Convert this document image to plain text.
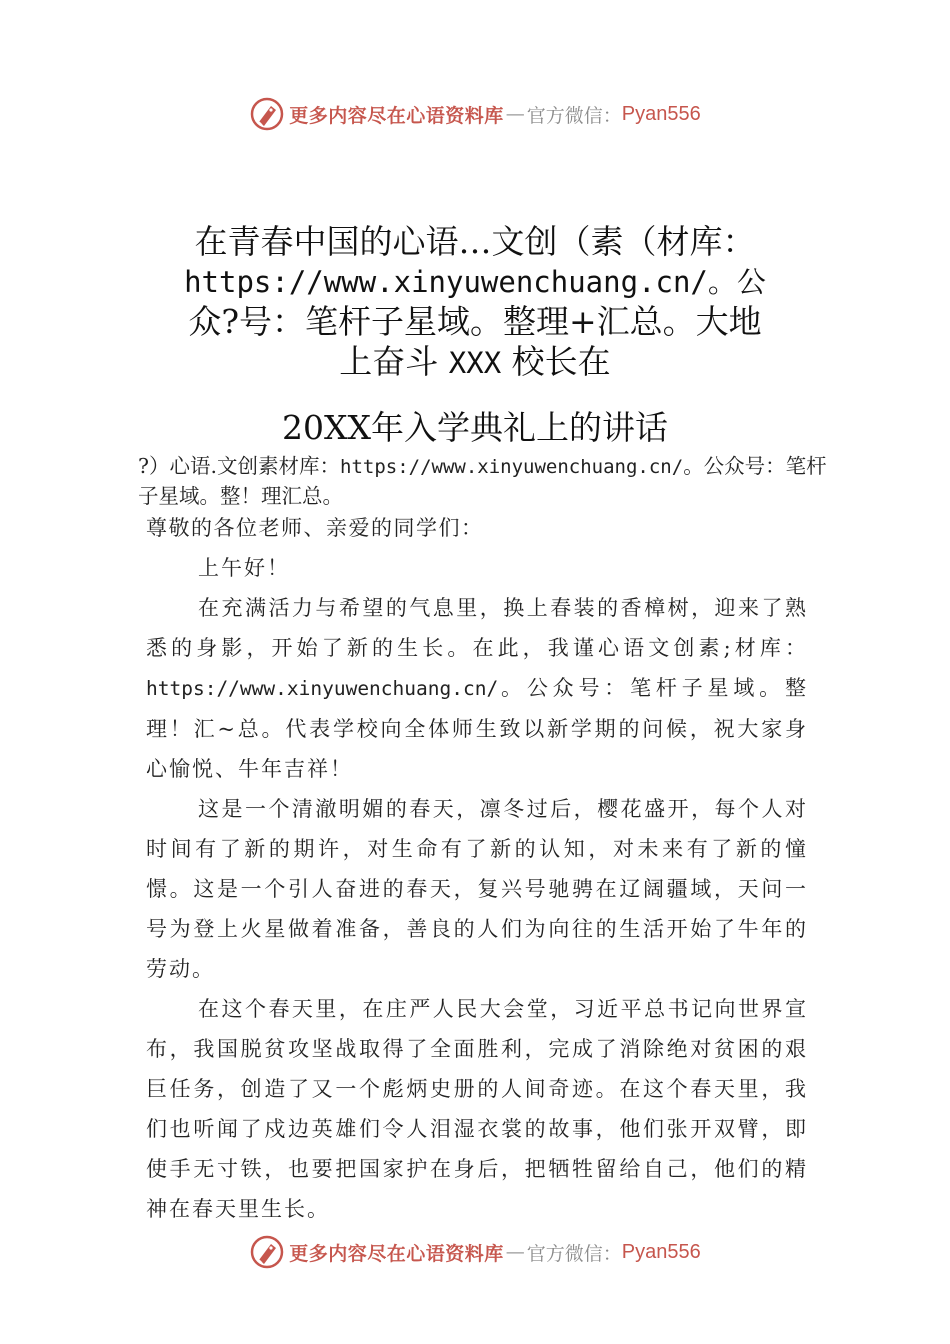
更多内容尽在心语资料库 — 官方微信： Pyan556
在青春中国的心语…文创（素（材库：
https://www.xinyuwenchuang.cn/。公
众?号：笔杆子星域。整理+汇总。大地
上奋斗 XXX 校长在
20XX年入学典礼上的讲话
?）心语.文创素材库：https://www.xinyuwenchuang.cn/。公众号：笔杆子星域。整！理汇总。

尊敬的各位老师、亲爱的同学们：

上午好！

在充满活力与希望的气息里，换上春装的香樟树，迎来了熟悉的身影，开始了新的生长。在此，我谨心语文创素;材库：https://www.xinyuwenchuang.cn/。公众号：笔杆子星域。整理！汇~总。代表学校向全体师生致以新学期的问候，祝大家身心愉悦、牛年吉祥！

这是一个清澈明媚的春天，凛冬过后，樱花盛开，每个人对时间有了新的期许，对生命有了新的认知，对未来有了新的憧憬。这是一个引人奋进的春天，复兴号驰骋在辽阔疆域，天问一号为登上火星做着准备，善良的人们为向往的生活开始了牛年的劳动。

在这个春天里，在庄严人民大会堂，习近平总书记向世界宣布，我国脱贫攻坚战取得了全面胜利，完成了消除绝对贫困的艰巨任务，创造了又一个彪炳史册的人间奇迹。在这个春天里，我们也听闻了戍边英雄们令人泪湿衣裳的故事，他们张开双臂，即使手无寸铁，也要把国家护在身后，把牺牲留给自己，他们的精神在春天里生长。

更多内容尽在心语资料库 — 官方微信： Pyan556
